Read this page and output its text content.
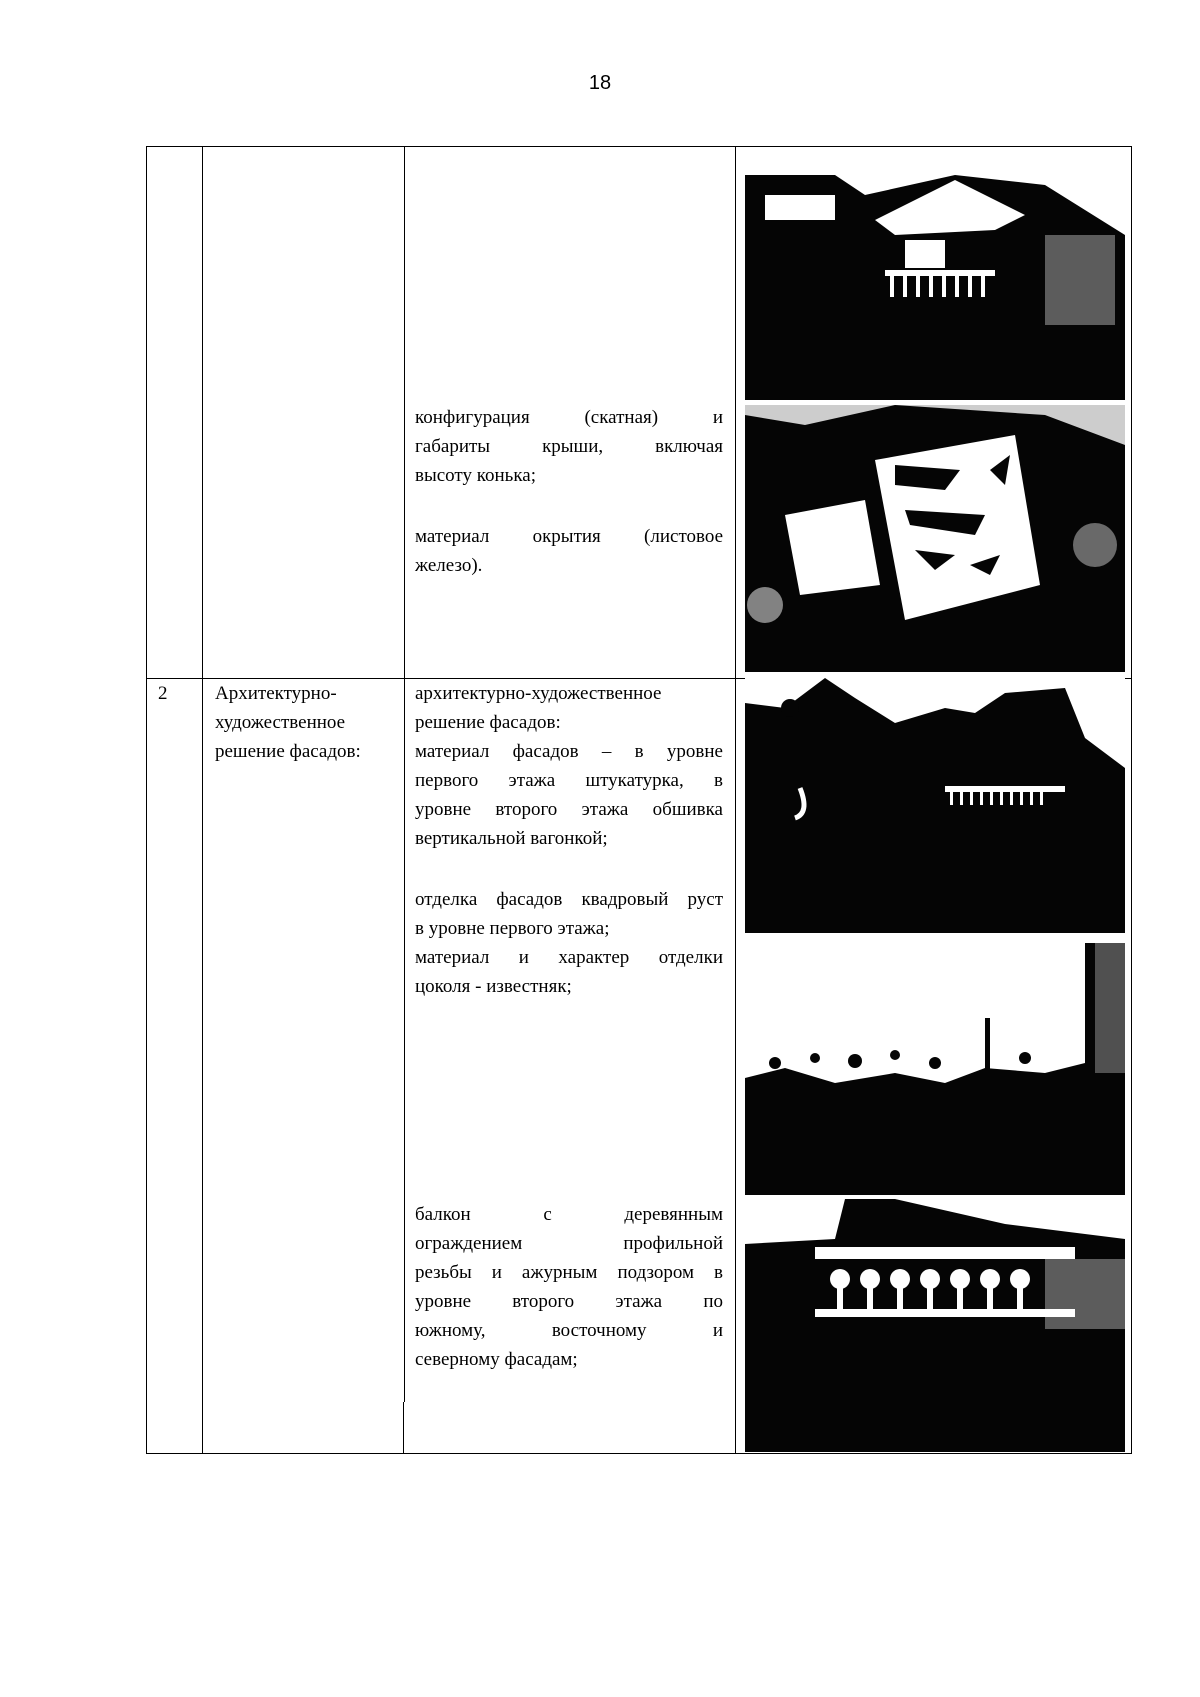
18
конфигурация (скатная) и
габариты крыши, включая
высоту конька;
материал окрытия (листовое
железо).
2	Архитектурно-
художественное
решение фасадов:
архитектурно-художественное
решение фасадов:
материал фасадов – в уровне
первого этажа штукатурка, в
уровне второго этажа обшивка
вертикальной вагонкой;
отделка фасадов квадровый руст
в уровне первого этажа;
материал и характер отделки
цоколя - известняк;
балкон с деревянным
ограждением профильной
резьбы и ажурным подзором в
уровне второго этажа по
южному, восточному и
северному фасадам;
